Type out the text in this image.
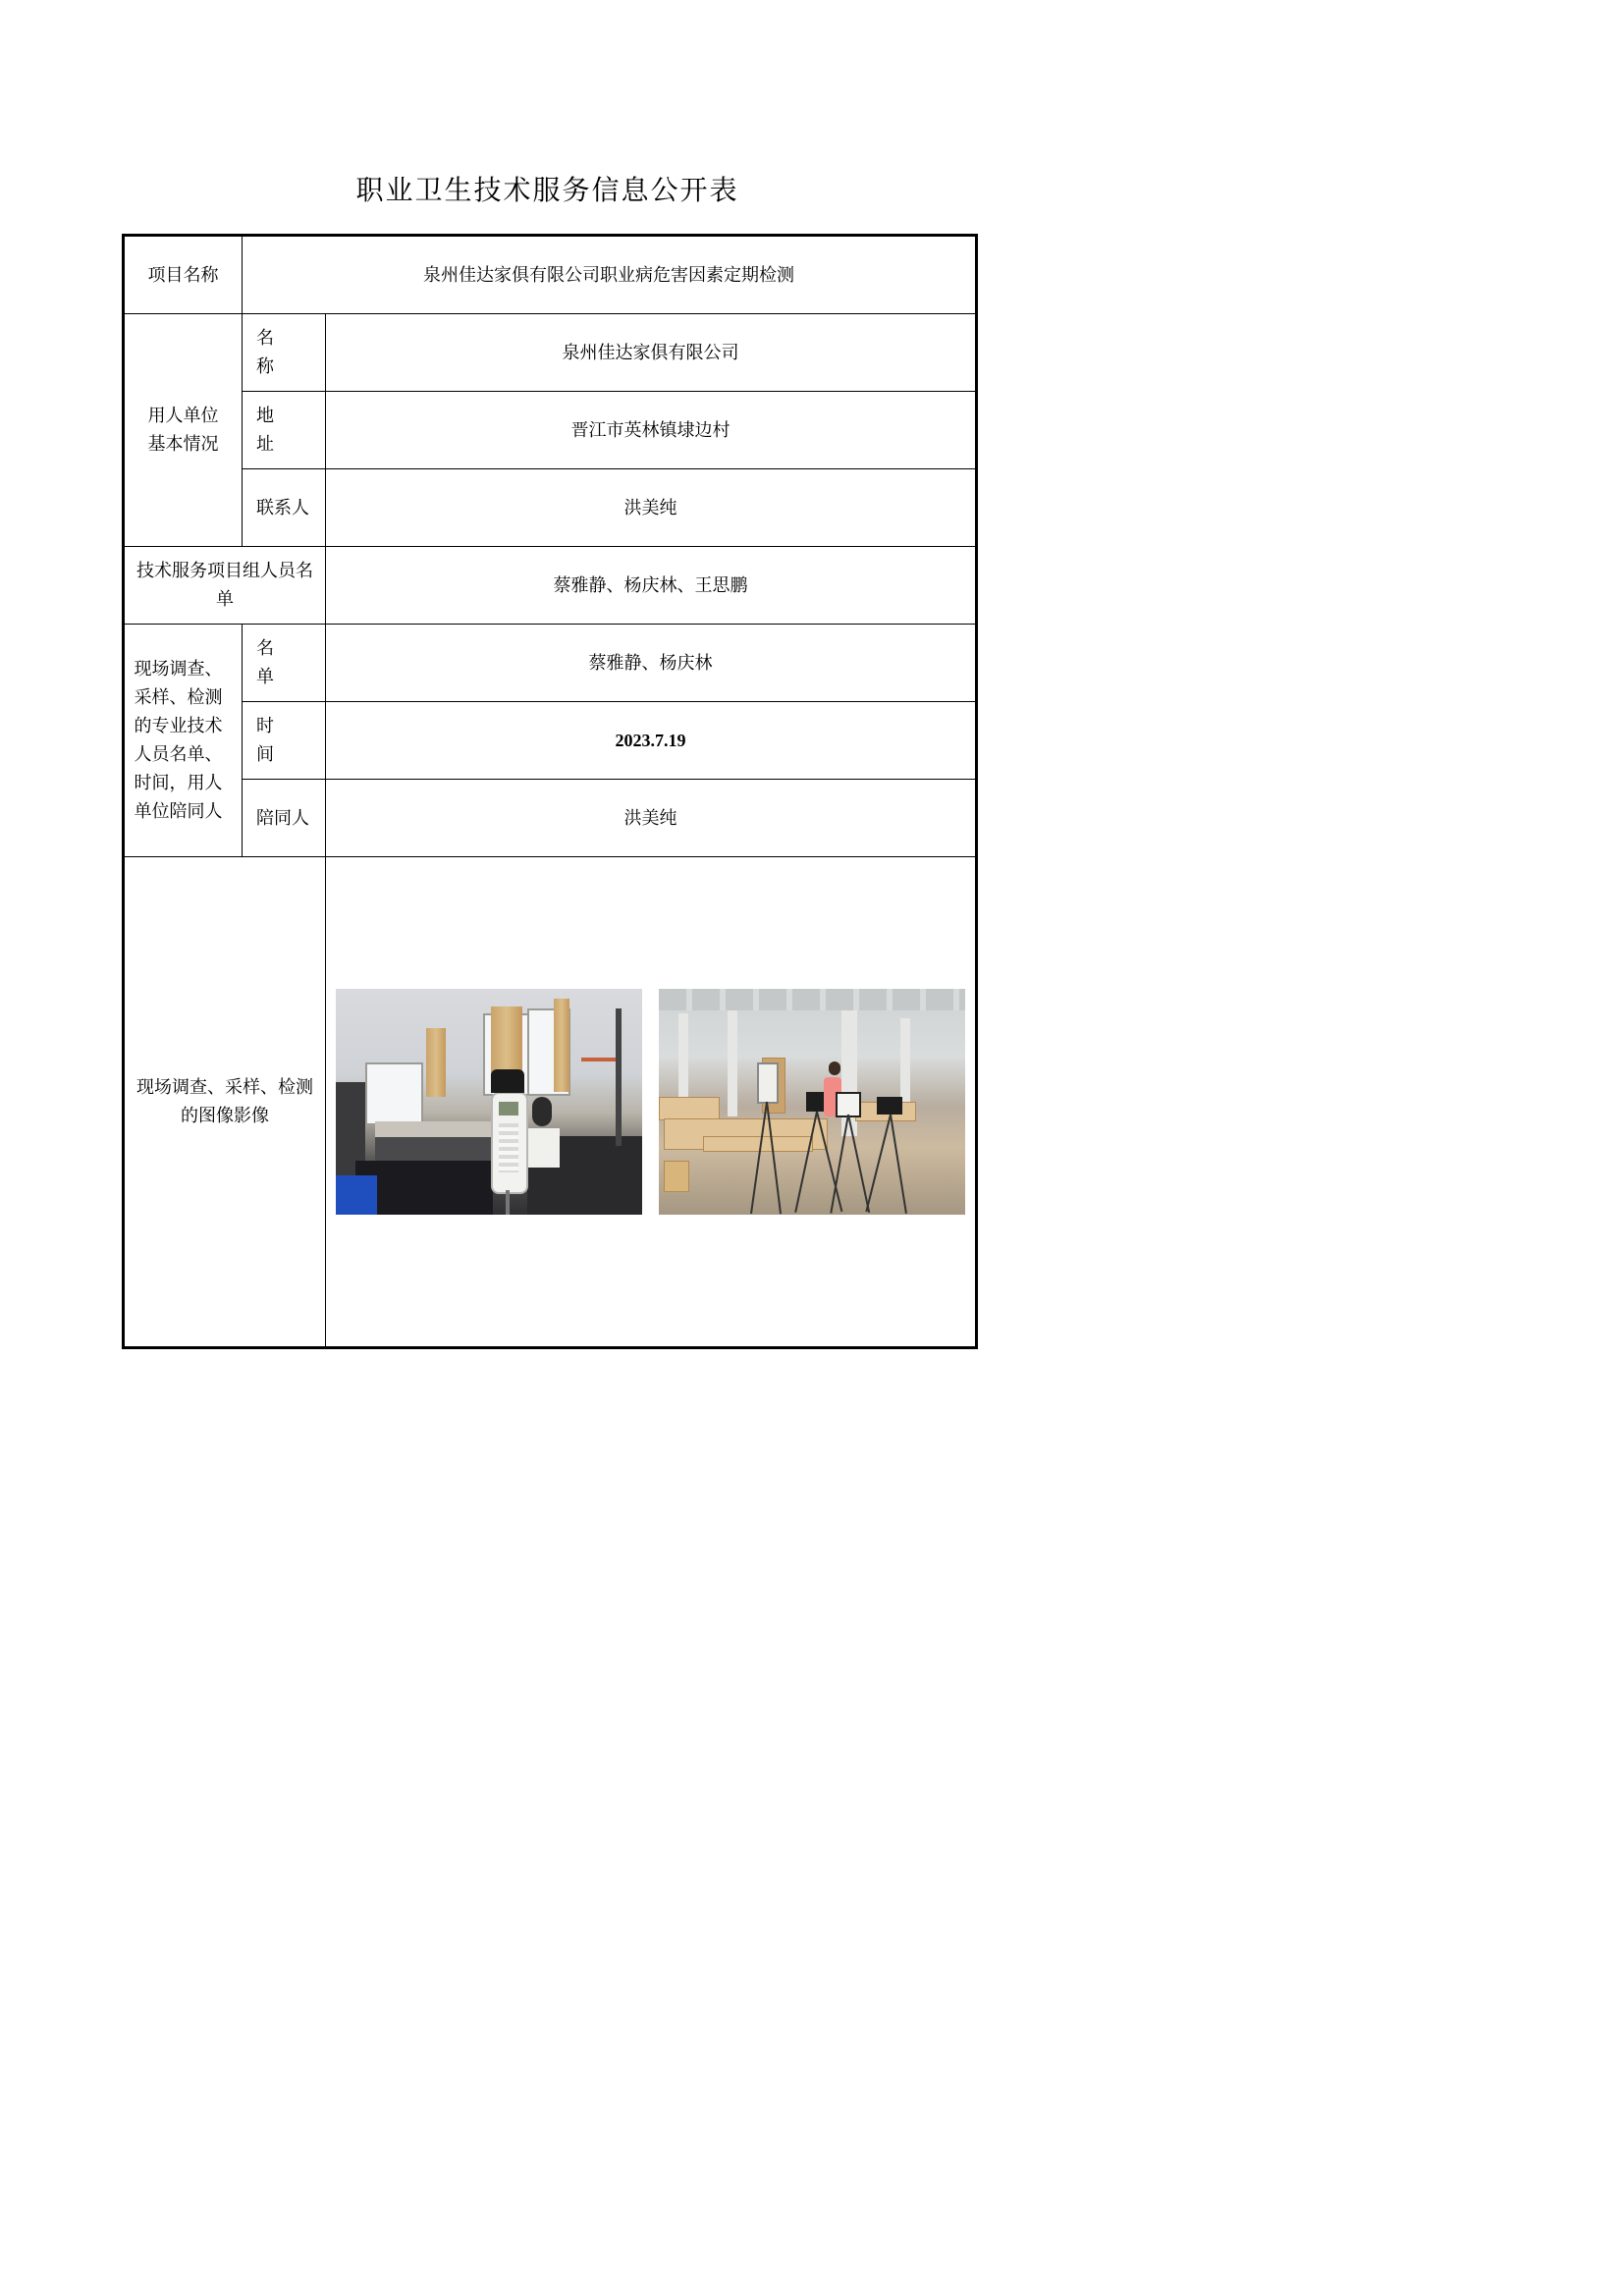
职业卫生技术服务信息公开表
项目名称	泉州佳达家俱有限公司职业病危害因素定期检测	

用人单位基本情况	名称	泉州佳达家俱有限公司
	地址	晋江市英林镇埭边村
	联系人	洪美纯

技术服务项目组人员名单		蔡雅静、杨庆林、王思鹏

现场调查、采样、检测的专业技术人员名单、时间，用人单位陪同人	名单	蔡雅静、杨庆林
	时间	2023.7.19
	陪同人	洪美纯

现场调查、采样、检测的图像影像		
